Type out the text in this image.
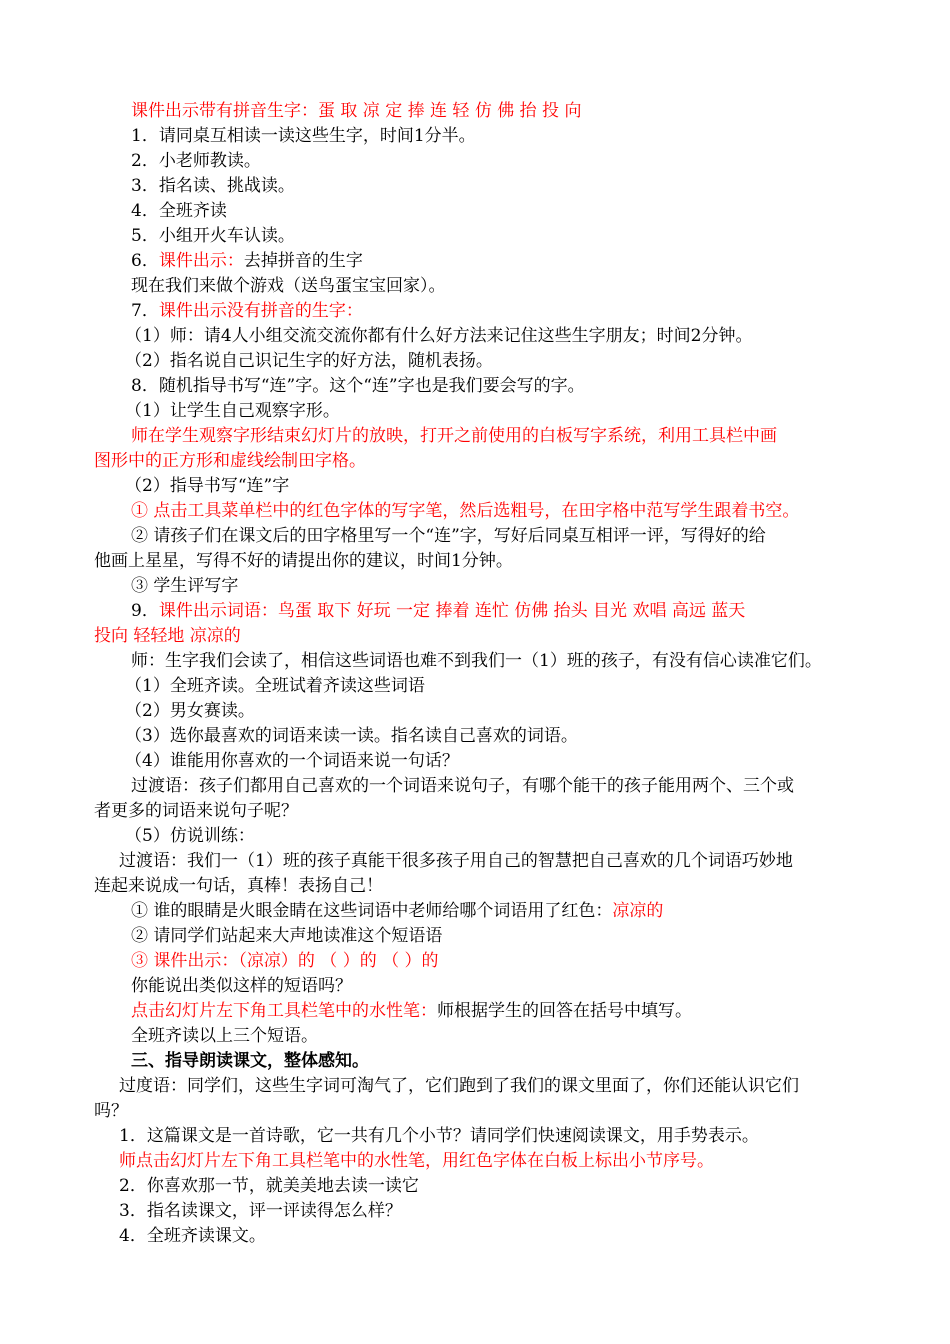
课件出示带有拼音生字：蛋 取 凉 定 捧 连 轻 仿 佛 抬 投 向
1．请同桌互相读一读这些生字，时间1分半。
2．小老师教读。
3．指名读、挑战读。
4．全班齐读
5．小组开火车认读。
6．课件出示：去掉拼音的生字
现在我们来做个游戏（送鸟蛋宝宝回家）。
7．课件出示没有拼音的生字：
（1）师：请4人小组交流交流你都有什么好方法来记住这些生字朋友；时间2分钟。
（2）指名说自己识记生字的好方法，随机表扬。
8．随机指导书写“连”字。这个“连”字也是我们要会写的字。
（1）让学生自己观察字形。
师在学生观察字形结束幻灯片的放映，打开之前使用的白板写字系统，利用工具栏中画
图形中的正方形和虚线绘制田字格。
（2）指导书写“连”字
① 点击工具菜单栏中的红色字体的写字笔，然后选粗号，在田字格中范写学生跟着书空。
② 请孩子们在课文后的田字格里写一个“连”字，写好后同桌互相评一评，写得好的给
他画上星星，写得不好的请提出你的建议，时间1分钟。
③ 学生评写字
9．课件出示词语：鸟蛋 取下 好玩 一定 捧着 连忙 仿佛 抬头 目光 欢唱 高远 蓝天
投向 轻轻地 凉凉的
师：生字我们会读了，相信这些词语也难不到我们一（1）班的孩子，有没有信心读准它们。
（1）全班齐读。全班试着齐读这些词语
（2）男女赛读。
（3）选你最喜欢的词语来读一读。指名读自己喜欢的词语。
（4）谁能用你喜欢的一个词语来说一句话？
过渡语：孩子们都用自己喜欢的一个词语来说句子，有哪个能干的孩子能用两个、三个或
者更多的词语来说句子呢？
（5）仿说训练：
过渡语：我们一（1）班的孩子真能干很多孩子用自己的智慧把自己喜欢的几个词语巧妙地
连起来说成一句话，真棒！表扬自己！
① 谁的眼睛是火眼金睛在这些词语中老师给哪个词语用了红色：凉凉的
② 请同学们站起来大声地读准这个短语语
③ 课件出示：（凉凉）的 （ ）的 （ ）的
你能说出类似这样的短语吗？
点击幻灯片左下角工具栏笔中的水性笔：师根据学生的回答在括号中填写。
全班齐读以上三个短语。
三、指导朗读课文，整体感知。
过度语：同学们，这些生字词可淘气了，它们跑到了我们的课文里面了，你们还能认识它们
吗？
1．这篇课文是一首诗歌，它一共有几个小节？请同学们快速阅读课文，用手势表示。
师点击幻灯片左下角工具栏笔中的水性笔，用红色字体在白板上标出小节序号。
2．你喜欢那一节，就美美地去读一读它
3．指名读课文，评一评读得怎么样？
4．全班齐读课文。
